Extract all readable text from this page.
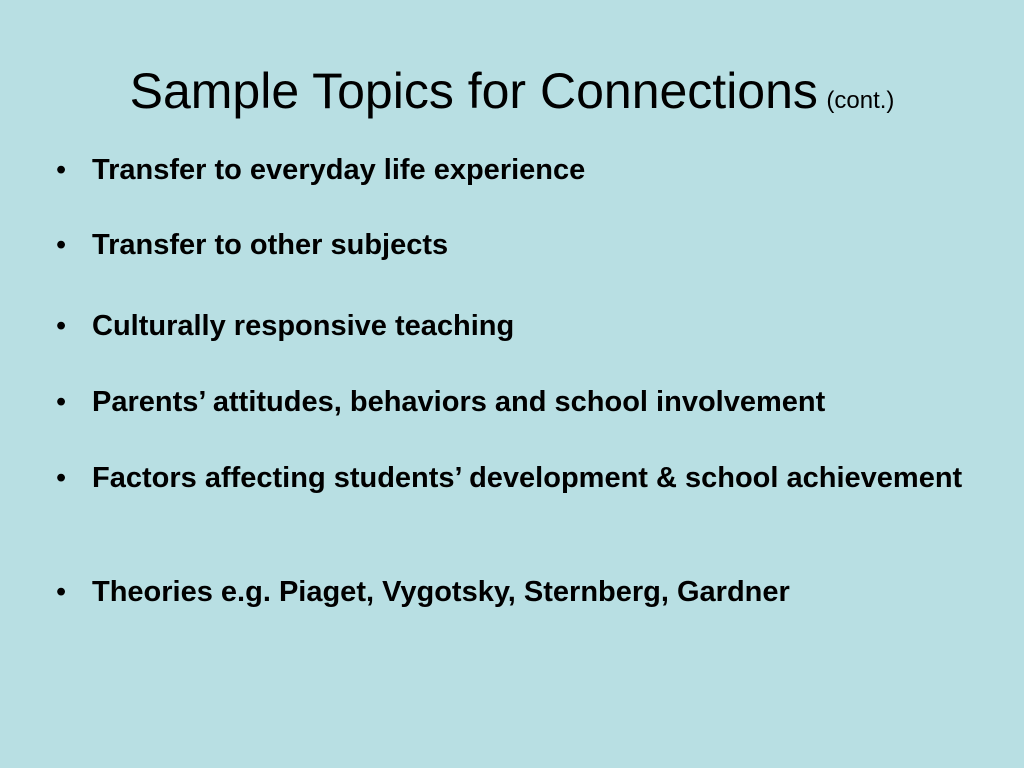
Sample Topics for Connections (cont.)
• Transfer to everyday life experience
• Transfer to other subjects
• Culturally responsive teaching
• Parents’ attitudes, behaviors and school involvement
• Factors affecting students’ development & school achievement
• Theories e.g. Piaget, Vygotsky, Sternberg, Gardner
